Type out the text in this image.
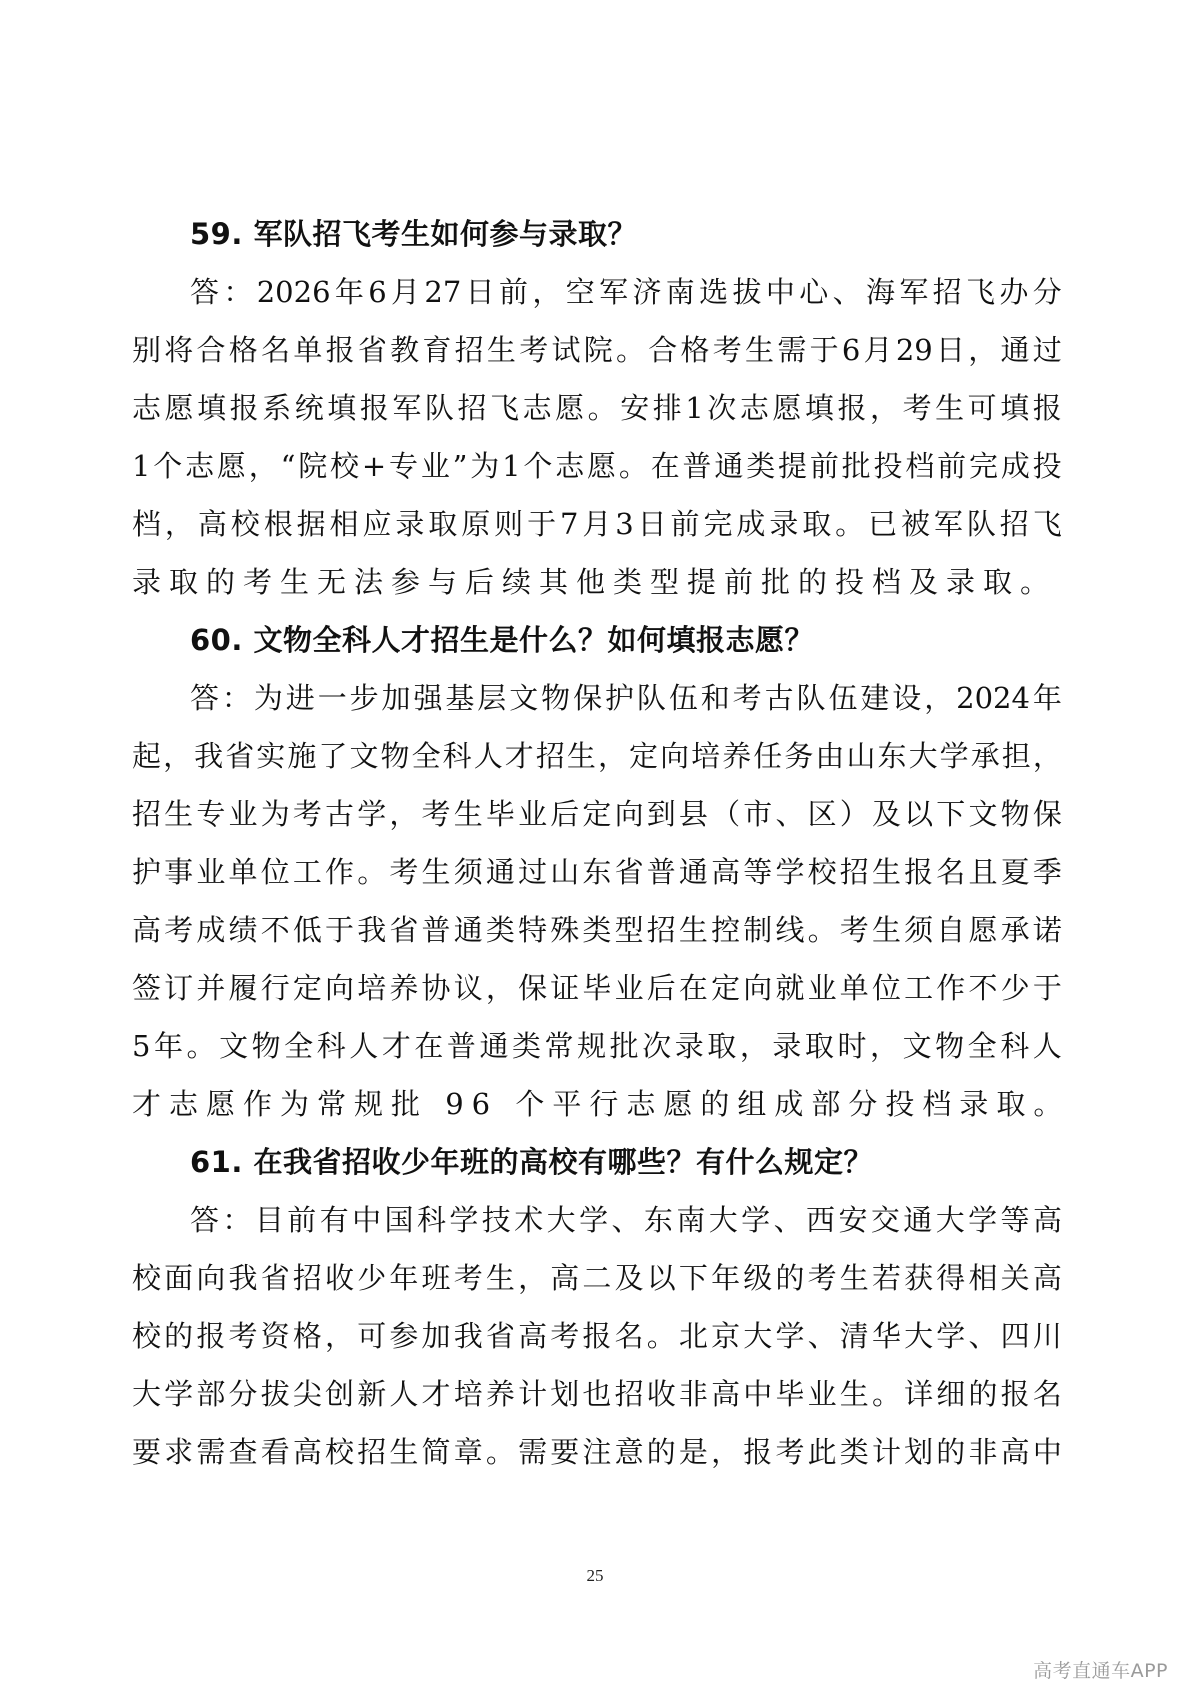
59. 军队招飞考生如何参与录取？
答 ： 2026 年 6 月 27 日 前 ， 空 军 济 南 选 拔 中 心 、 海 军 招 飞 办 分
别 将 合 格 名 单 报 省 教 育 招 生 考 试 院 。 合 格 考 生 需 于 6 月 29 日 ， 通 过
志 愿 填 报 系 统 填 报 军 队 招 飞 志 愿 。 安 排 1 次 志 愿 填 报 ， 考 生 可 填 报
1 个 志 愿 ， “ 院 校 + 专 业 ” 为 1 个 志 愿 。 在 普 通 类 提 前 批 投 档 前 完 成 投
档 ， 高 校 根 据 相 应 录 取 原 则 于 7 月 3 日 前 完 成 录 取 。 已 被 军 队 招 飞
录取的考生无法参与后续其他类型提前批的投档及录取。
60. 文物全科人才招生是什么？如何填报志愿？
答 ： 为 进 一 步 加 强 基 层 文 物 保 护 队 伍 和 考 古 队 伍 建 设 ， 2024 年
起 ， 我 省 实 施 了 文 物 全 科 人 才 招 生 ， 定 向 培 养 任 务 由 山 东 大 学 承 担 ，
招 生 专 业 为 考 古 学 ， 考 生 毕 业 后 定 向 到 县 （ 市 、 区 ） 及 以 下 文 物 保
护 事 业 单 位 工 作 。 考 生 须 通 过 山 东 省 普 通 高 等 学 校 招 生 报 名 且 夏 季
高 考 成 绩 不 低 于 我 省 普 通 类 特 殊 类 型 招 生 控 制 线 。 考 生 须 自 愿 承 诺
签 订 并 履 行 定 向 培 养 协 议 ， 保 证 毕 业 后 在 定 向 就 业 单 位 工 作 不 少 于
5 年 。 文 物 全 科 人 才 在 普 通 类 常 规 批 次 录 取 ， 录 取 时 ， 文 物 全 科 人
才志愿作为常规批 96 个平行志愿的组成部分投档录取。
61. 在我省招收少年班的高校有哪些？有什么规定？
答 ： 目 前 有 中 国 科 学 技 术 大 学 、 东 南 大 学 、 西 安 交 通 大 学 等 高
校 面 向 我 省 招 收 少 年 班 考 生 ， 高 二 及 以 下 年 级 的 考 生 若 获 得 相 关 高
校 的 报 考 资 格 ， 可 参 加 我 省 高 考 报 名 。 北 京 大 学 、 清 华 大 学 、 四 川
大 学 部 分 拔 尖 创 新 人 才 培 养 计 划 也 招 收 非 高 中 毕 业 生 。 详 细 的 报 名
要 求 需 查 看 高 校 招 生 简 章 。 需 要 注 意 的 是 ， 报 考 此 类 计 划 的 非 高 中
25
高考直通车APP
